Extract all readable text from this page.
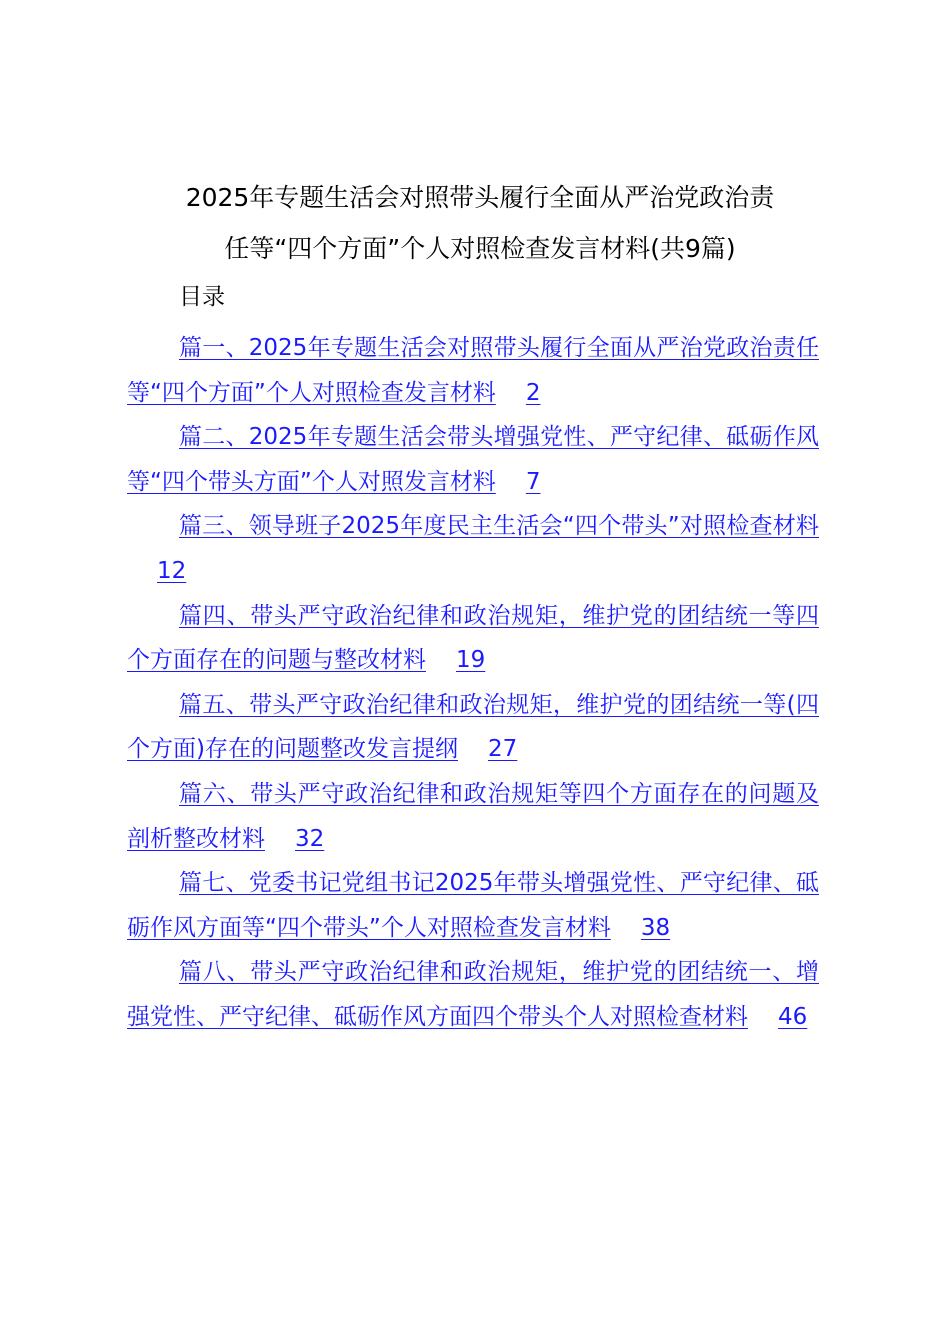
2025年专题生活会对照带头履行全面从严治党政治责
任等“四个方面”个人对照检查发言材料(共9篇)
目录
篇一、2025年专题生活会对照带头履行全面从严治党政治责任等“四个方面”个人对照检查发言材料 2
篇二、2025年专题生活会带头增强党性、严守纪律、砥砺作风等“四个带头方面”个人对照发言材料 7
篇三、领导班子2025年度民主生活会“四个带头”对照检查材料12
篇四、带头严守政治纪律和政治规矩，维护党的团结统一等四个方面存在的问题与整改材料 19
篇五、带头严守政治纪律和政治规矩，维护党的团结统一等(四个方面)存在的问题整改发言提纲 27
篇六、带头严守政治纪律和政治规矩等四个方面存在的问题及剖析整改材料 32
篇七、党委书记党组书记2025年带头增强党性、严守纪律、砥砺作风方面等“四个带头”个人对照检查发言材料 38
篇八、带头严守政治纪律和政治规矩，维护党的团结统一、增强党性、严守纪律、砥砺作风方面四个带头个人对照检查材料 46
